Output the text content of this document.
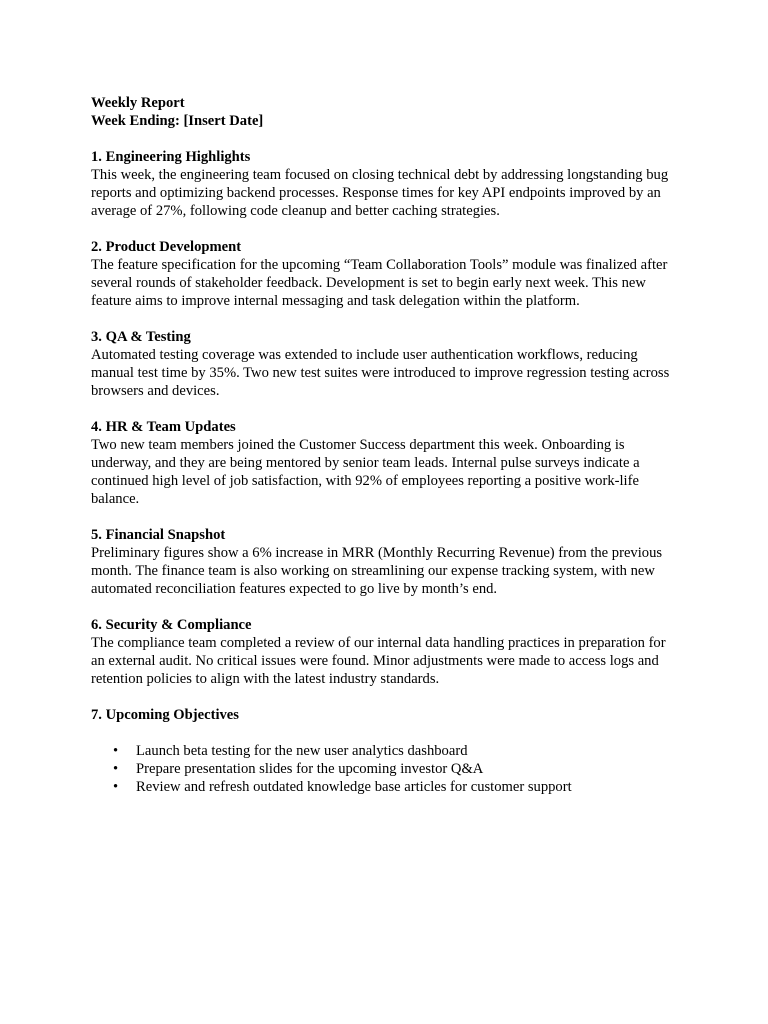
Weekly Report
Week Ending: [Insert Date]
1. Engineering Highlights
This week, the engineering team focused on closing technical debt by addressing longstanding bug reports and optimizing backend processes. Response times for key API endpoints improved by an average of 27%, following code cleanup and better caching strategies.
2. Product Development
The feature specification for the upcoming “Team Collaboration Tools” module was finalized after several rounds of stakeholder feedback. Development is set to begin early next week. This new feature aims to improve internal messaging and task delegation within the platform.
3. QA & Testing
Automated testing coverage was extended to include user authentication workflows, reducing manual test time by 35%. Two new test suites were introduced to improve regression testing across browsers and devices.
4. HR & Team Updates
Two new team members joined the Customer Success department this week. Onboarding is underway, and they are being mentored by senior team leads. Internal pulse surveys indicate a continued high level of job satisfaction, with 92% of employees reporting a positive work-life balance.
5. Financial Snapshot
Preliminary figures show a 6% increase in MRR (Monthly Recurring Revenue) from the previous month. The finance team is also working on streamlining our expense tracking system, with new automated reconciliation features expected to go live by month’s end.
6. Security & Compliance
The compliance team completed a review of our internal data handling practices in preparation for an external audit. No critical issues were found. Minor adjustments were made to access logs and retention policies to align with the latest industry standards.
7. Upcoming Objectives
• Launch beta testing for the new user analytics dashboard
• Prepare presentation slides for the upcoming investor Q&A
• Review and refresh outdated knowledge base articles for customer support
